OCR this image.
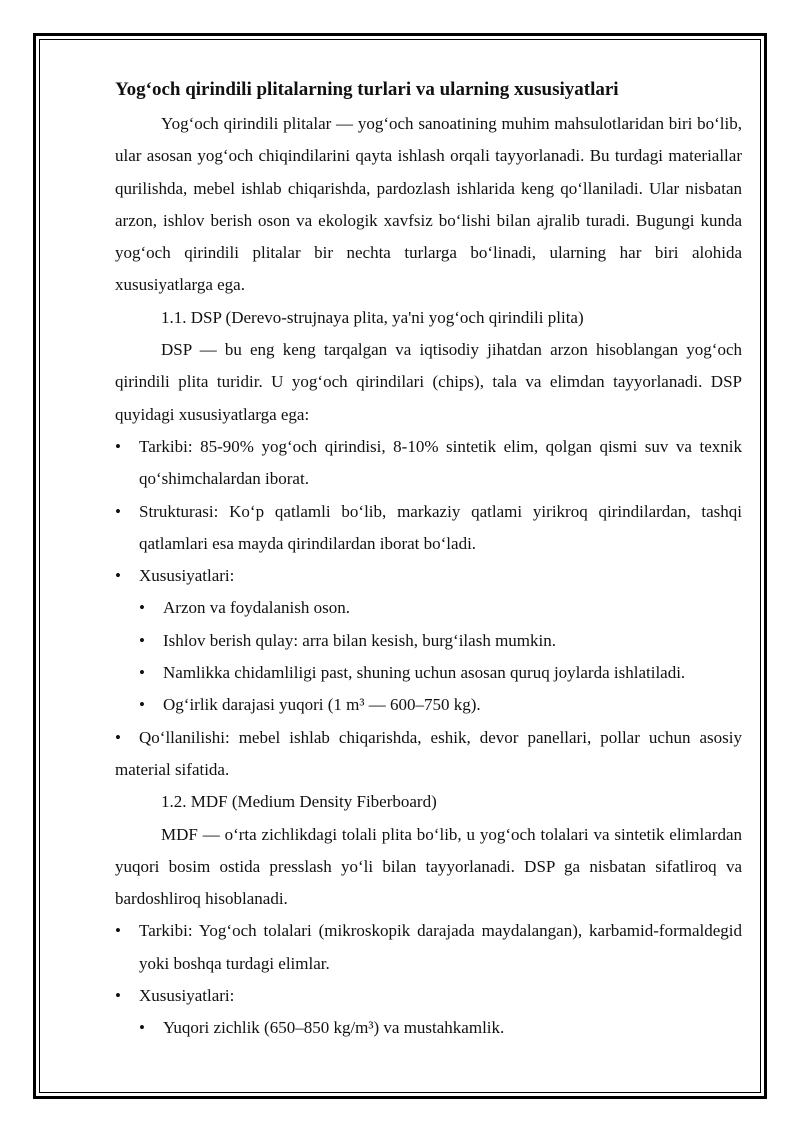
Yog‘och qirindili plitalarning turlari va ularning xususiyatlari

Yog‘och qirindili plitalar — yog‘och sanoatining muhim mahsulotlaridan biri bo‘lib, ular asosan yog‘och chiqindilarini qayta ishlash orqali tayyorlanadi. Bu turdagi materiallar qurilishda, mebel ishlab chiqarishda, pardozlash ishlarida keng qo‘llaniladi. Ular nisbatan arzon, ishlov berish oson va ekologik xavfsiz bo‘lishi bilan ajralib turadi. Bugungi kunda yog‘och qirindili plitalar bir nechta turlarga bo‘linadi, ularning har biri alohida xususiyatlarga ega.

1.1. DSP (Derevo-strujnaya plita, ya'ni yog‘och qirindili plita)

DSP — bu eng keng tarqalgan va iqtisodiy jihatdan arzon hisoblangan yog‘och qirindili plita turidir. U yog‘och qirindilari (chips), tala va elimdan tayyorlanadi. DSP quyidagi xususiyatlarga ega:

• Tarkibi: 85-90% yog‘och qirindisi, 8-10% sintetik elim, qolgan qismi suv va texnik qo‘shimchalardan iborat.
• Strukturasi: Ko‘p qatlamli bo‘lib, markaziy qatlami yirikroq qirindilardan, tashqi qatlamlari esa mayda qirindilardan iborat bo‘ladi.
• Xususiyatlari:
• Arzon va foydalanish oson.
• Ishlov berish qulay: arra bilan kesish, burg‘ilash mumkin.
• Namlikka chidamliligi past, shuning uchun asosan quruq joylarda ishlatiladi.
• Og‘irlik darajasi yuqori (1 m³ — 600–750 kg).
• Qo‘llanilishi: mebel ishlab chiqarishda, eshik, devor panellari, pollar uchun asosiy material sifatida.

1.2. MDF (Medium Density Fiberboard)

MDF — o‘rta zichlikdagi tolali plita bo‘lib, u yog‘och tolalari va sintetik elimlardan yuqori bosim ostida presslash yo‘li bilan tayyorlanadi. DSP ga nisbatan sifatliroq va bardoshliroq hisoblanadi.

• Tarkibi: Yog‘och tolalari (mikroskopik darajada maydalangan), karbamid-formaldegid yoki boshqa turdagi elimlar.
• Xususiyatlari:
• Yuqori zichlik (650–850 kg/m³) va mustahkamlik.
